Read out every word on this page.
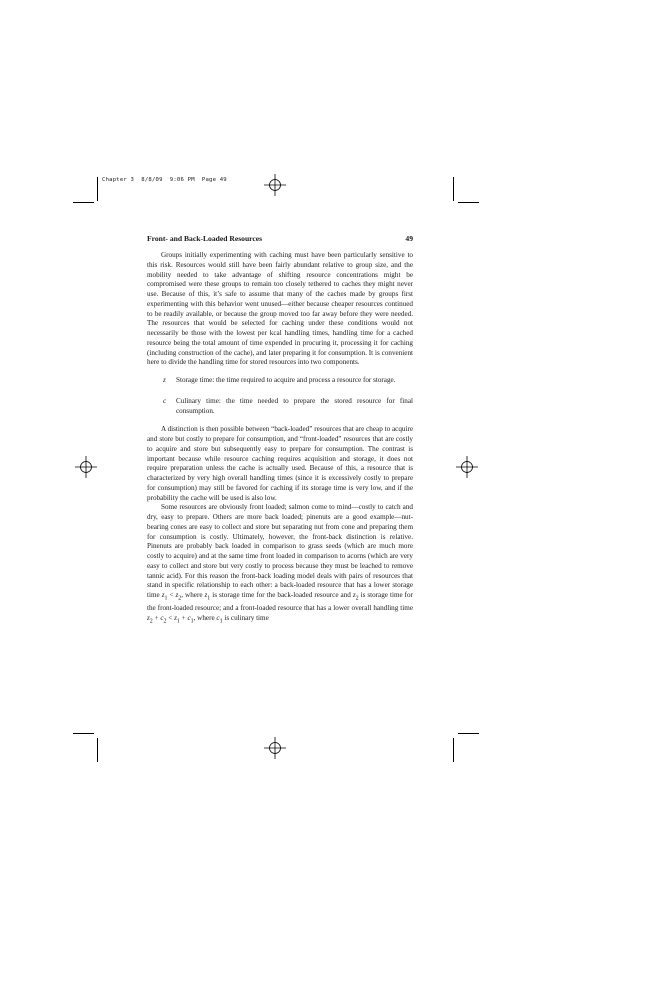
Chapter 3  8/8/09  9:06 PM  Page 49
Front- and Back-Loaded Resources	49

Groups initially experimenting with caching must have been particularly sensitive to this risk. Resources would still have been fairly abundant relative to group size, and the mobility needed to take advantage of shifting resource concentrations might be compromised were these groups to remain too closely tethered to caches they might never use. Because of this, it’s safe to assume that many of the caches made by groups first experimenting with this behavior went unused—either because cheaper resources continued to be readily available, or because the group moved too far away before they were needed. The resources that would be selected for caching under these conditions would not necessarily be those with the lowest per kcal handling times, handling time for a cached resource being the total amount of time expended in procuring it, processing it for caching (including construction of the cache), and later preparing it for consumption. It is convenient here to divide the handling time for stored resources into two components.

z	Storage time: the time required to acquire and process a resource for storage.
c	Culinary time: the time needed to prepare the stored resource for final consumption.

A distinction is then possible between “back-loaded” resources that are cheap to acquire and store but costly to prepare for consumption, and “front-loaded” resources that are costly to acquire and store but subsequently easy to prepare for consumption. The contrast is important because while resource caching requires acquisition and storage, it does not require preparation unless the cache is actually used. Because of this, a resource that is characterized by very high overall handling times (since it is excessively costly to prepare for consumption) may still be favored for caching if its storage time is very low, and if the probability the cache will be used is also low.

Some resources are obviously front loaded; salmon come to mind—costly to catch and dry, easy to prepare. Others are more back loaded; pinenuts are a good example—nut-bearing cones are easy to collect and store but separating nut from cone and preparing them for consumption is costly. Ultimately, however, the front-back distinction is relative. Pinenuts are probably back loaded in comparison to grass seeds (which are much more costly to acquire) and at the same time front loaded in comparison to acorns (which are very easy to collect and store but very costly to process because they must be leached to remove tannic acid). For this reason the front-back loading model deals with pairs of resources that stand in specific relationship to each other: a back-loaded resource that has a lower storage time $z_1 < z_2$, where $z_1$ is storage time for the back-loaded resource and $z_2$ is storage time for the front-loaded resource; and a front-loaded resource that has a lower overall handling time $z_2 + c_2 < z_1 + c_1$, where $c_1$ is culinary time
